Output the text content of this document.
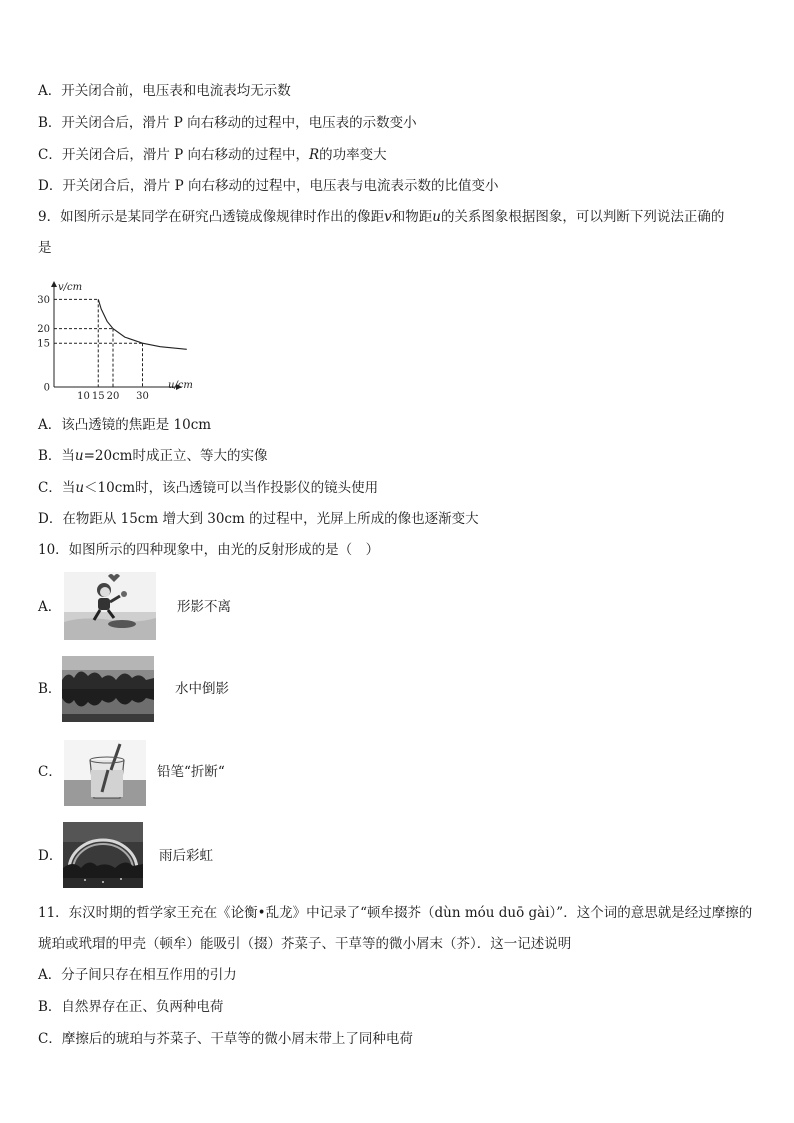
A．开关闭合前，电压表和电流表均无示数
B．开关闭合后，滑片 P 向右移动的过程中，电压表的示数变小
C．开关闭合后，滑片 P 向右移动的过程中，R的功率变大
D．开关闭合后，滑片 P 向右移动的过程中，电压表与电流表示数的比值变小
9．如图所示是某同学在研究凸透镜成像规律时作出的像距v和物距u的关系图象根据图象，可以判断下列说法正确的
是
v/cm
u/cm
30
20
15
0
10 15 20 30
A．该凸透镜的焦距是 10cm
B．当u=20cm时成正立、等大的实像
C．当u＜10cm时，该凸透镜可以当作投影仪的镜头使用
D．在物距从 15cm 增大到 30cm 的过程中，光屏上所成的像也逐渐变大
10．如图所示的四种现象中，由光的反射形成的是（　）
A．	形影不离
B．	水中倒影
C．	铅笔“折断“
D．	雨后彩虹
11．东汉时期的哲学家王充在《论衡•乱龙》中记录了“顿牟掇芥（dùn móu duō gài）”．这个词的意思就是经过摩擦的
琥珀或玳瑁的甲壳（顿牟）能吸引（掇）芥菜子、干草等的微小屑末（芥）．这一记述说明
A．分子间只存在相互作用的引力
B．自然界存在正、负两种电荷
C．摩擦后的琥珀与芥菜子、干草等的微小屑末带上了同种电荷
